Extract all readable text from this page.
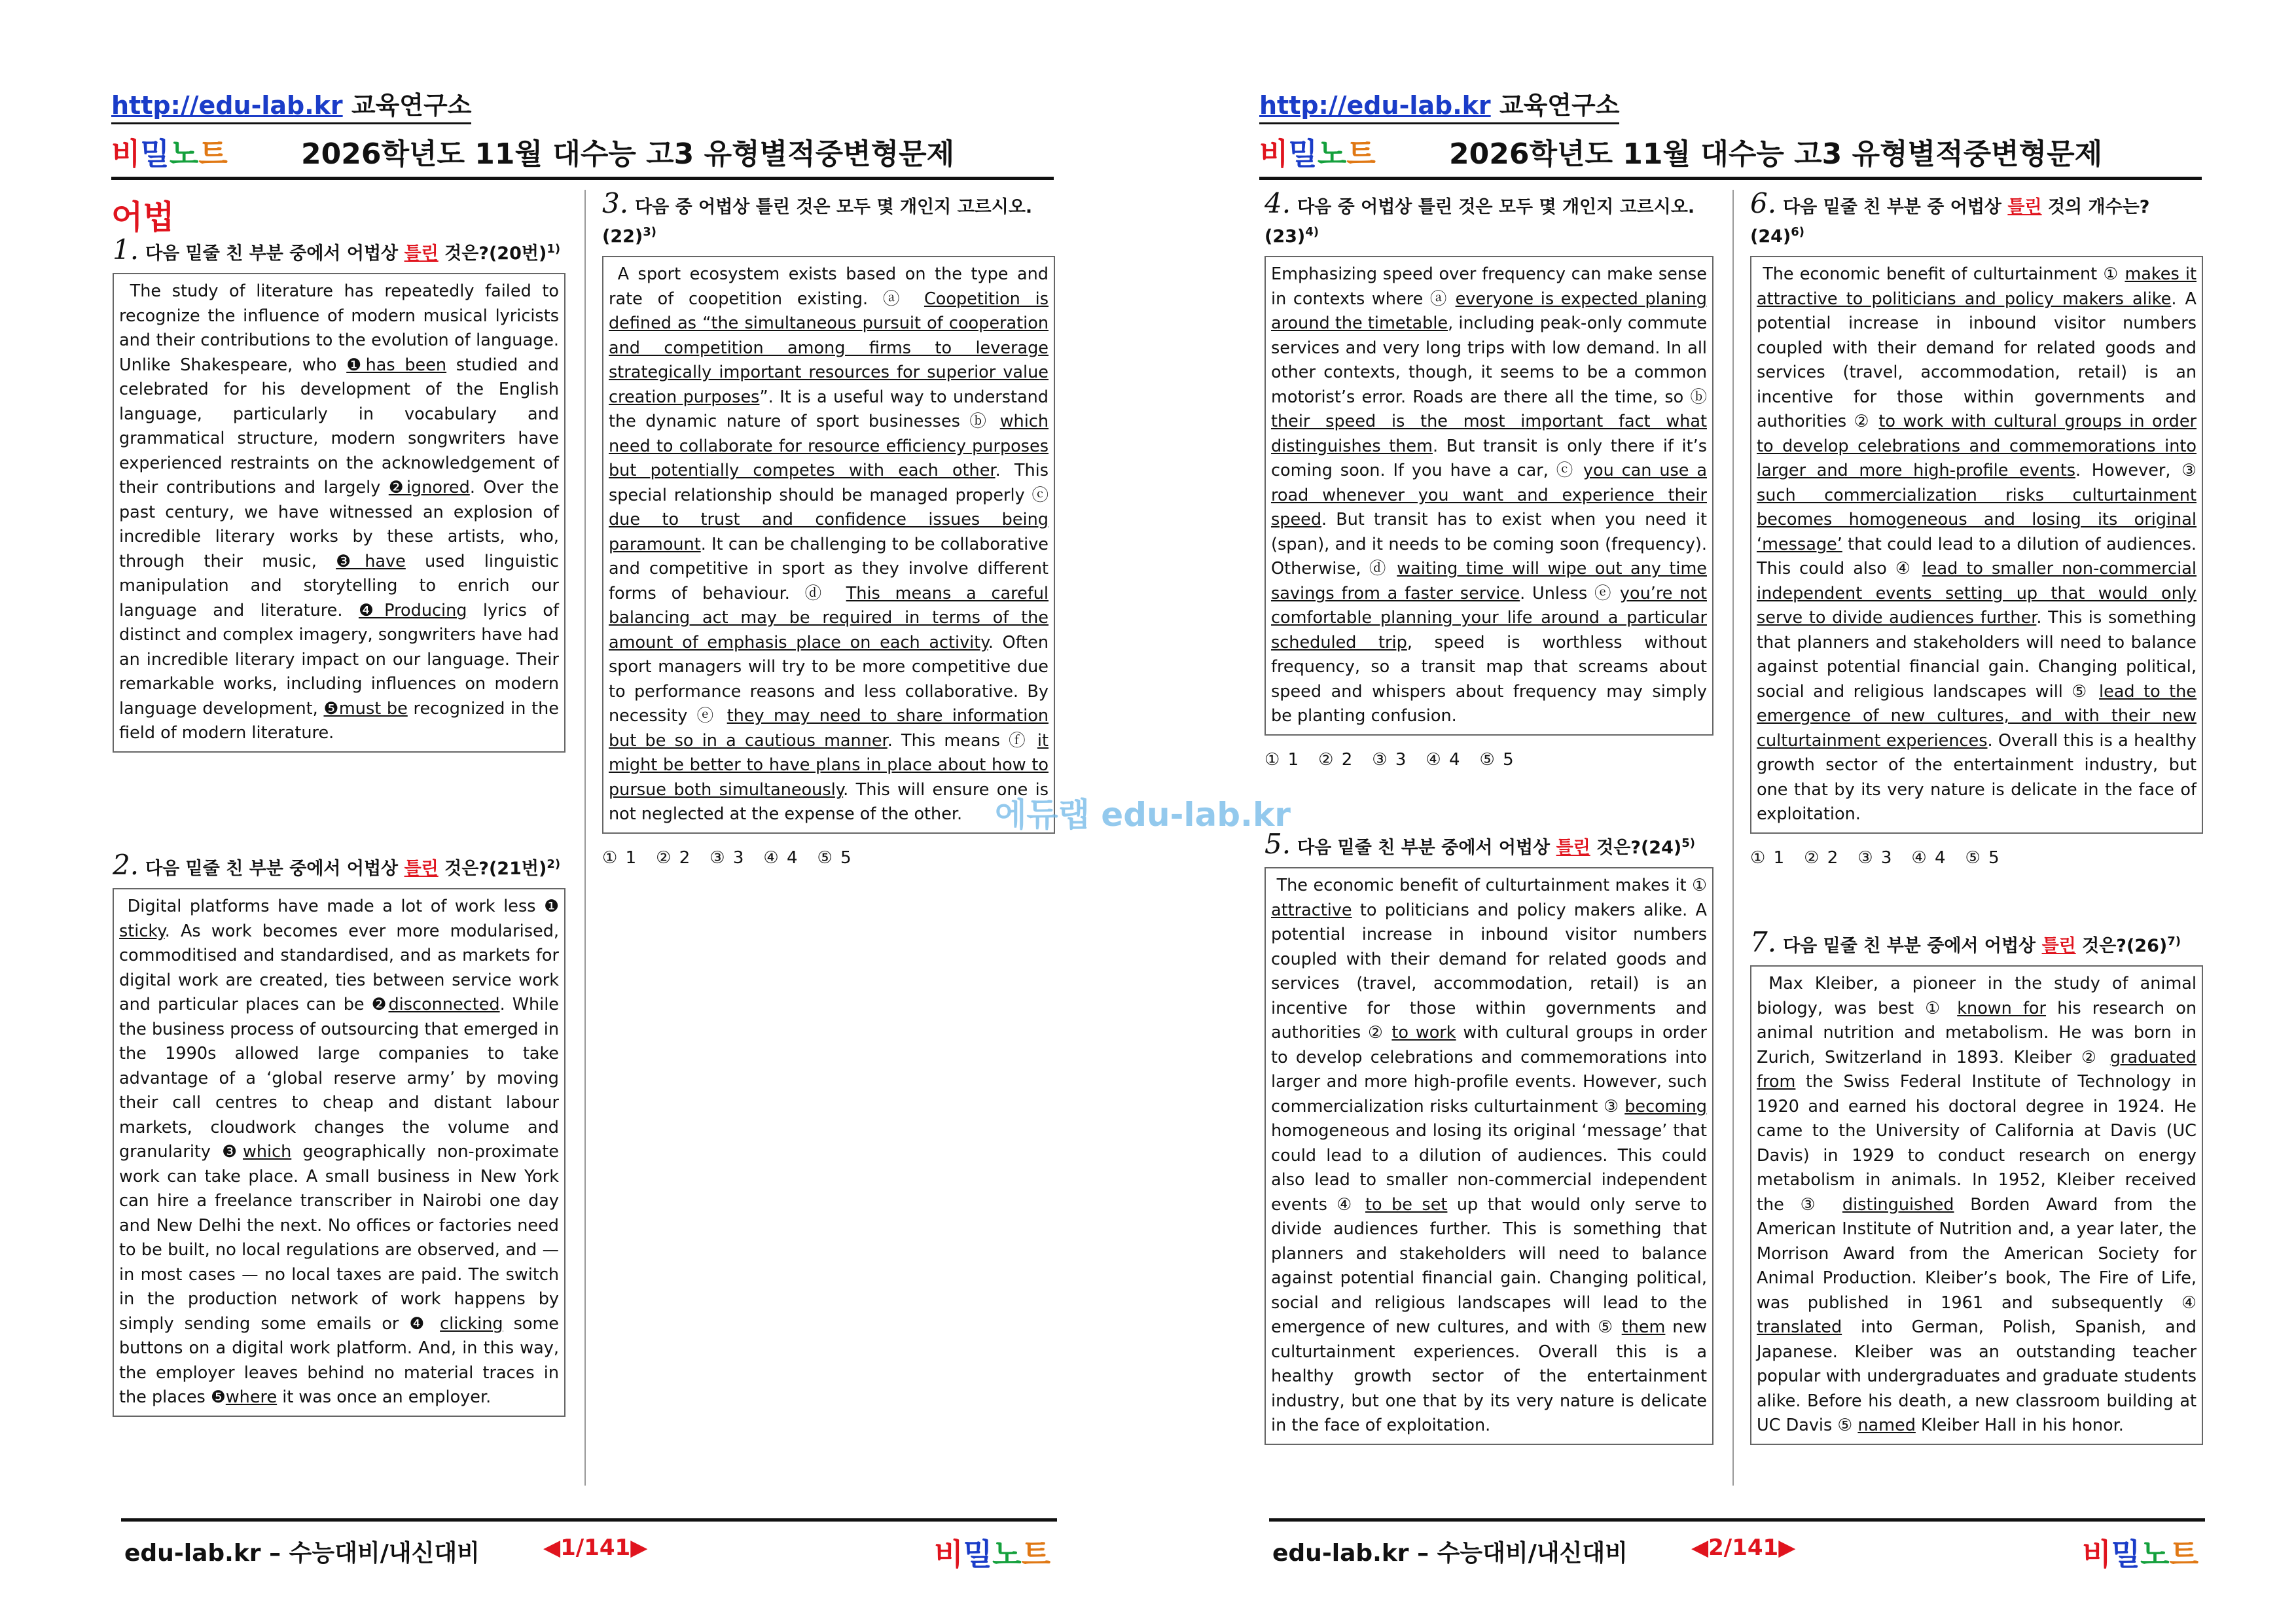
http://edu-lab.kr 교육연구소
비밀노트	2026학년도 11월 대수능 고3 유형별적중변형문제
어법
1. 다음 밑줄 친 부분 중에서 어법상 틀린 것은?(20번)$^{1)}$
The study of literature has repeatedly failed to recognize the influence of modern musical lyricists and their contributions to the evolution of language. Unlike Shakespeare, who ❶has been studied and celebrated for his development of the English language, particularly in vocabulary and grammatical structure, modern songwriters have experienced restraints on the acknowledgement of their contributions and largely ❷ignored. Over the past century, we have witnessed an explosion of incredible literary works by these artists, who, through their music, ❸have used linguistic manipulation and storytelling to enrich our language and literature. ❹Producing lyrics of distinct and complex imagery, songwriters have had an incredible literary impact on our language. Their remarkable works, including influences on modern language development, ❺must be recognized in the field of modern literature.
2. 다음 밑줄 친 부분 중에서 어법상 틀린 것은?(21번)$^{2)}$
Digital platforms have made a lot of work less ❶ sticky. As work becomes ever more modularised, commoditised and standardised, and as markets for digital work are created, ties between service work and particular places can be ❷disconnected. While the business process of outsourcing that emerged in the 1990s allowed large companies to take advantage of a ‘global reserve army’ by moving their call centres to cheap and distant labour markets, cloudwork changes the volume and granularity ❸which geographically non-proximate work can take place. A small business in New York can hire a freelance transcriber in Nairobi one day and New Delhi the next. No offices or factories need to be built, no local regulations are observed, and — in most cases — no local taxes are paid. The switch in the production network of work happens by simply sending some emails or ❹ clicking some buttons on a digital work platform. And, in this way, the employer leaves behind no material traces in the places ❺where it was once an employer.
3. 다음 중 어법상 틀린 것은 모두 몇 개인지 고르시오$.(22)^{3)}$
A sport ecosystem exists based on the type and rate of coopetition existing. ⓐ Coopetition is defined as “the simultaneous pursuit of cooperation and competition among firms to leverage strategically important resources for superior value creation purposes”. It is a useful way to understand the dynamic nature of sport businesses ⓑ which need to collaborate for resource efficiency purposes but potentially competes with each other. This special relationship should be managed properly ⓒ due to trust and confidence issues being paramount. It can be challenging to be collaborative and competitive in sport as they involve different forms of behaviour. ⓓ This means a careful balancing act may be required in terms of the amount of emphasis place on each activity. Often sport managers will try to be more competitive due to performance reasons and less collaborative. By necessity ⓔ they may need to share information but be so in a cautious manner. This means ⓕ it might be better to have plans in place about how to pursue both simultaneously. This will ensure one is not neglected at the expense of the other.
① 1 ② 2 ③ 3 ④ 4 ⑤ 5
edu-lab.kr – 수능대비/내신대비	◀1/141▶	비밀노트
http://edu-lab.kr 교육연구소
비밀노트	2026학년도 11월 대수능 고3 유형별적중변형문제
4. 다음 중 어법상 틀린 것은 모두 몇 개인지 고르시오$.(23)^{4)}$
Emphasizing speed over frequency can make sense in contexts where ⓐ everyone is expected planing around the timetable, including peak-only commute services and very long trips with low demand. In all other contexts, though, it seems to be a common motorist’s error. Roads are there all the time, so ⓑ their speed is the most important fact what distinguishes them. But transit is only there if it’s coming soon. If you have a car, ⓒ you can use a road whenever you want and experience their speed. But transit has to exist when you need it (span), and it needs to be coming soon (frequency). Otherwise, ⓓ waiting time will wipe out any time savings from a faster service. Unless ⓔ you’re not comfortable planning your life around a particular scheduled trip, speed is worthless without frequency, so a transit map that screams about speed and whispers about frequency may simply be planting confusion.
① 1 ② 2 ③ 3 ④ 4 ⑤ 5
5. 다음 밑줄 친 부분 중에서 어법상 틀린 것은$?(24)^{5)}$
The economic benefit of culturtainment makes it ① attractive to politicians and policy makers alike. A potential increase in inbound visitor numbers coupled with their demand for related goods and services (travel, accommodation, retail) is an incentive for those within governments and authorities ② to work with cultural groups in order to develop celebrations and commemorations into larger and more high-profile events. However, such commercialization risks culturtainment ③ becoming homogeneous and losing its original ‘message’ that could lead to a dilution of audiences. This could also lead to smaller non-commercial independent events ④ to be set up that would only serve to divide audiences further. This is something that planners and stakeholders will need to balance against potential financial gain. Changing political, social and religious landscapes will lead to the emergence of new cultures, and with ⑤ them new culturtainment experiences. Overall this is a healthy growth sector of the entertainment industry, but one that by its very nature is delicate in the face of exploitation.
6. 다음 밑줄 친 부분 중 어법상 틀린 것의 개수는$?(24)^{6)}$
The economic benefit of culturtainment ① makes it attractive to politicians and policy makers alike. A potential increase in inbound visitor numbers coupled with their demand for related goods and services (travel, accommodation, retail) is an incentive for those within governments and authorities ② to work with cultural groups in order to develop celebrations and commemorations into larger and more high-profile events. However, ③ such commercialization risks culturtainment becomes homogeneous and losing its original ‘message’ that could lead to a dilution of audiences. This could also ④ lead to smaller non-commercial independent events setting up that would only serve to divide audiences further. This is something that planners and stakeholders will need to balance against potential financial gain. Changing political, social and religious landscapes will ⑤ lead to the emergence of new cultures, and with their new culturtainment experiences. Overall this is a healthy growth sector of the entertainment industry, but one that by its very nature is delicate in the face of exploitation.
① 1 ② 2 ③ 3 ④ 4 ⑤ 5
7. 다음 밑줄 친 부분 중에서 어법상 틀린 것은$?(26)^{7)}$
Max Kleiber, a pioneer in the study of animal biology, was best ① known for his research on animal nutrition and metabolism. He was born in Zurich, Switzerland in 1893. Kleiber ② graduated from the Swiss Federal Institute of Technology in 1920 and earned his doctoral degree in 1924. He came to the University of California at Davis (UC Davis) in 1929 to conduct research on energy metabolism in animals. In 1952, Kleiber received the ③ distinguished Borden Award from the American Institute of Nutrition and, a year later, the Morrison Award from the American Society for Animal Production. Kleiber’s book, The Fire of Life, was published in 1961 and subsequently ④ translated into German, Polish, Spanish, and Japanese. Kleiber was an outstanding teacher popular with undergraduates and graduate students alike. Before his death, a new classroom building at UC Davis ⑤ named Kleiber Hall in his honor.
edu-lab.kr – 수능대비/내신대비	◀2/141▶	비밀노트
에듀랩 edu-lab.kr
